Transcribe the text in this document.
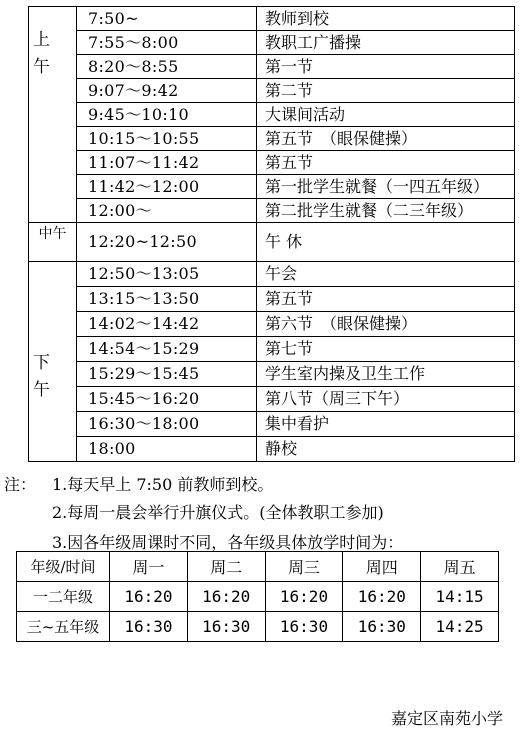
上
午	7:50~	教师到校
	7:55～8:00	教职工广播操
	8:20～8:55	第一节
	9:07～9:42	第二节
	9:45～10:10	大课间活动
	10:15～10:55	第五节　（眼保健操）
	11:07～11:42	第五节
	11:42～12:00	第一批学生就餐（一四五年级）
	12:00～	第二批学生就餐（二三年级）
中午	12:20~12:50	午 休

下
午	12:50～13:05	午会
	13:15～13:50	第五节
	14:02～14:42	第六节　（眼保健操）
	14:54～15:29	第七节
	15:29～15:45	学生室内操及卫生工作
	15:45～16:20	第八节（周三下午）
	16:30～18:00	集中看护
	18:00	静校
注： 1.每天早上 7:50 前教师到校。
2.每周一晨会举行升旗仪式。(全体教职工参加)
3.因各年级周课时不同，各年级具体放学时间为：
年级/时间	周一	周二	周三	周四	周五
一二年级	16:20	16:20	16:20	16:20	14:15
三~五年级	16:30	16:30	16:30	16:30	14:25
嘉定区南苑小学
